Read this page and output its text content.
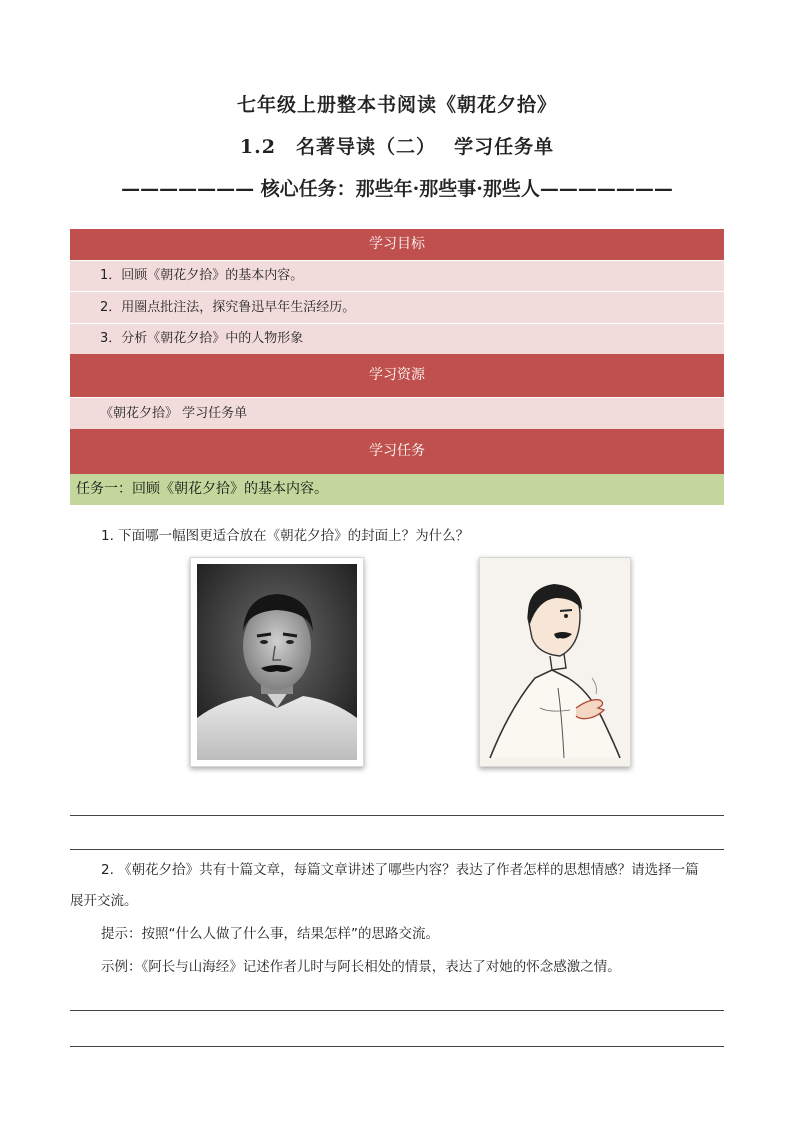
七年级上册整本书阅读《朝花夕拾》
1.2　名著导读（二）　 学习任务单
——————— 核心任务：那些年·那些事·那些人———————
学习目标
1．回顾《朝花夕拾》的基本内容。
2．用圈点批注法，探究鲁迅早年生活经历。
3．分析《朝花夕拾》中的人物形象
学习资源
《朝花夕拾》 学习任务单
学习任务
任务一：回顾《朝花夕拾》的基本内容。
1. 下面哪一幅图更适合放在《朝花夕拾》的封面上？为什么？
2. 《朝花夕拾》共有十篇文章，每篇文章讲述了哪些内容？表达了作者怎样的思想情感？请选择一篇
展开交流。
提示：按照“什么人做了什么事，结果怎样”的思路交流。
示例：《阿长与山海经》记述作者儿时与阿长相处的情景，表达了对她的怀念感激之情。
